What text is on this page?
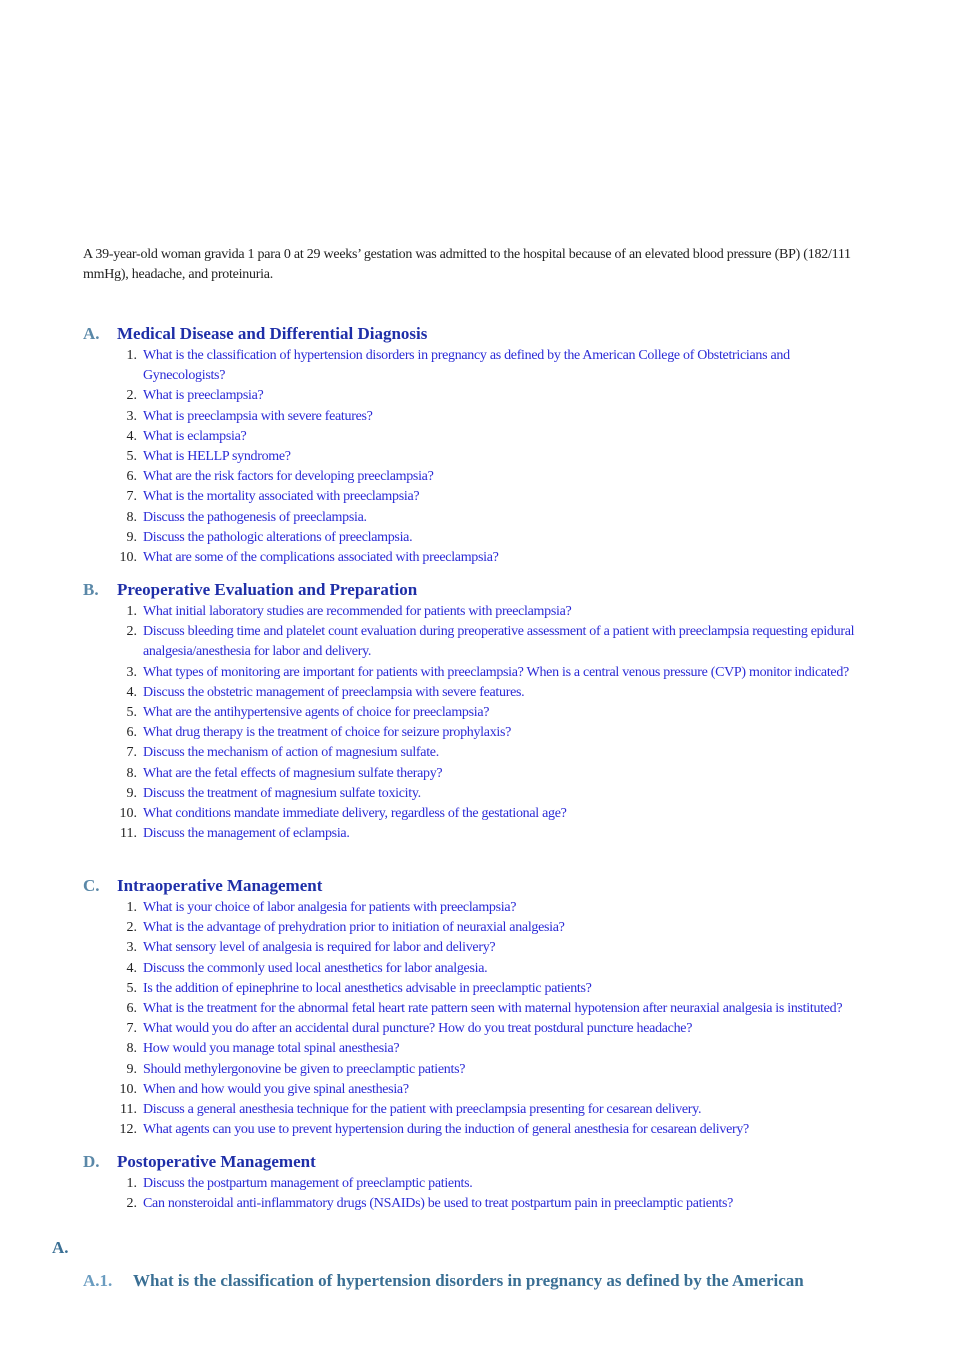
A 39-year-old woman gravida 1 para 0 at 29 weeks’ gestation was admitted to the hospital because of an elevated blood pressure (BP) (182/111 mmHg), headache, and proteinuria.

A. Medical Disease and Differential Diagnosis
1. What is the classification of hypertension disorders in pregnancy as defined by the American College of Obstetricians and Gynecologists?
2. What is preeclampsia?
3. What is preeclampsia with severe features?
4. What is eclampsia?
5. What is HELLP syndrome?
6. What are the risk factors for developing preeclampsia?
7. What is the mortality associated with preeclampsia?
8. Discuss the pathogenesis of preeclampsia.
9. Discuss the pathologic alterations of preeclampsia.
10. What are some of the complications associated with preeclampsia?
B. Preoperative Evaluation and Preparation
1. What initial laboratory studies are recommended for patients with preeclampsia?
2. Discuss bleeding time and platelet count evaluation during preoperative assessment of a patient with preeclampsia requesting epidural analgesia/anesthesia for labor and delivery.
3. What types of monitoring are important for patients with preeclampsia? When is a central venous pressure (CVP) monitor indicated?
4. Discuss the obstetric management of preeclampsia with severe features.
5. What are the antihypertensive agents of choice for preeclampsia?
6. What drug therapy is the treatment of choice for seizure prophylaxis?
7. Discuss the mechanism of action of magnesium sulfate.
8. What are the fetal effects of magnesium sulfate therapy?
9. Discuss the treatment of magnesium sulfate toxicity.
10. What conditions mandate immediate delivery, regardless of the gestational age?
11. Discuss the management of eclampsia.
C. Intraoperative Management
1. What is your choice of labor analgesia for patients with preeclampsia?
2. What is the advantage of prehydration prior to initiation of neuraxial analgesia?
3. What sensory level of analgesia is required for labor and delivery?
4. Discuss the commonly used local anesthetics for labor analgesia.
5. Is the addition of epinephrine to local anesthetics advisable in preeclamptic patients?
6. What is the treatment for the abnormal fetal heart rate pattern seen with maternal hypotension after neuraxial analgesia is instituted?
7. What would you do after an accidental dural puncture? How do you treat postdural puncture headache?
8. How would you manage total spinal anesthesia?
9. Should methylergonovine be given to preeclamptic patients?
10. When and how would you give spinal anesthesia?
11. Discuss a general anesthesia technique for the patient with preeclampsia presenting for cesarean delivery.
12. What agents can you use to prevent hypertension during the induction of general anesthesia for cesarean delivery?
D. Postoperative Management
1. Discuss the postpartum management of preeclamptic patients.
2. Can nonsteroidal anti-inflammatory drugs (NSAIDs) be used to treat postpartum pain in preeclamptic patients?
A.
A.1. What is the classification of hypertension disorders in pregnancy as defined by the American
